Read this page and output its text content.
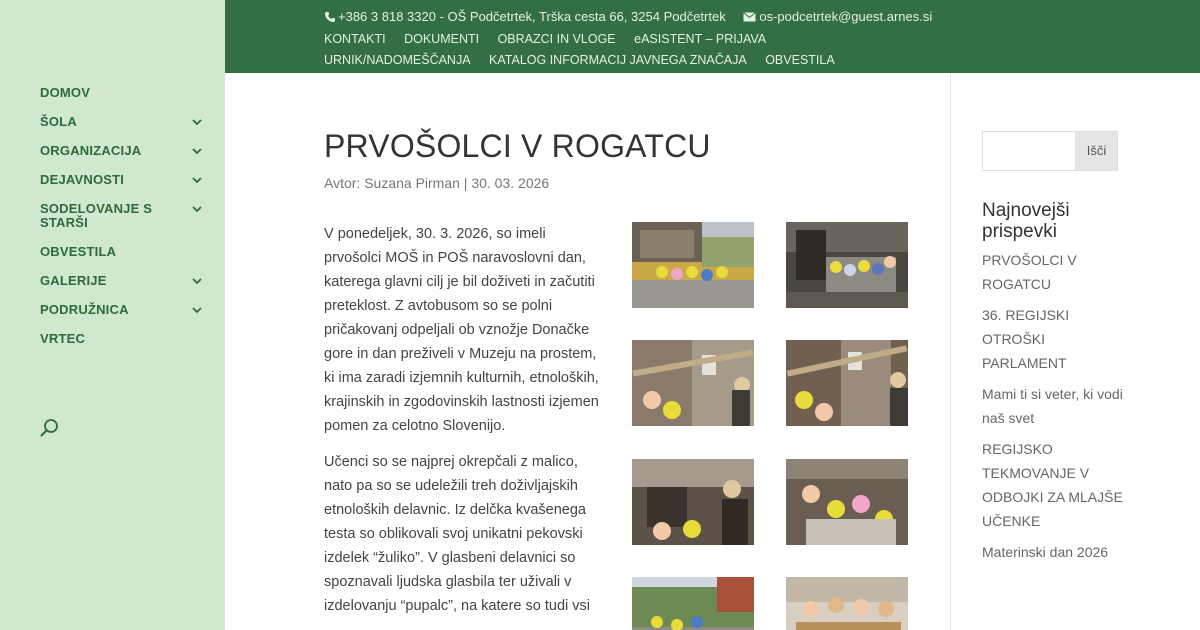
DOMOV
ŠOLA
ORGANIZACIJA
DEJAVNOSTI
SODELOVANJE S STARŠI
OBVESTILA
GALERIJE
PODRUŽNICA
VRTEC
+386 3 818 3320 - OŠ Podčetrtek, Trška cesta 66, 3254 Podčetrtek	os-podcetrtek@guest.arnes.si
KONTAKTI DOKUMENTI OBRAZCI IN VLOGE eASISTENT – PRIJAVA URNIK/NADOMEŠČANJA KATALOG INFORMACIJ JAVNEGA ZNAČAJA OBVESTILA
PRVOŠOLCI V ROGATCU
Avtor: Suzana Pirman | 30. 03. 2026

V ponedeljek, 30. 3. 2026, so imeli prvošolci MOŠ in POŠ naravoslovni dan, katerega glavni cilj je bil doživeti in začutiti preteklost. Z avtobusom so se polni pričakovanj odpeljali ob vznožje Donačke gore in dan preživeli v Muzeju na prostem, ki ima zaradi izjemnih kulturnih, etnoloških, krajinskih in zgodovinskih lastnosti izjemen pomen za celotno Slovenijo.

Učenci so se najprej okrepčali z malico, nato pa so se udeležili treh doživljajskih etnoloških delavnic. Iz delčka kvašenega testa so oblikovali svoj unikatni pekovski izdelek “žuliko”. V glasbeni delavnici so spoznavali ljudska glasbila ter uživali v izdelovanju “pupalc”, na katere so tudi vsi

Išči
Najnovejši prispevki
PRVOŠOLCI V ROGATCU
36. REGIJSKI OTROŠKI PARLAMENT
Mami ti si veter, ki vodi naš svet
REGIJSKO TEKMOVANJE V ODBOJKI ZA MLAJŠE UČENKE
Materinski dan 2026
